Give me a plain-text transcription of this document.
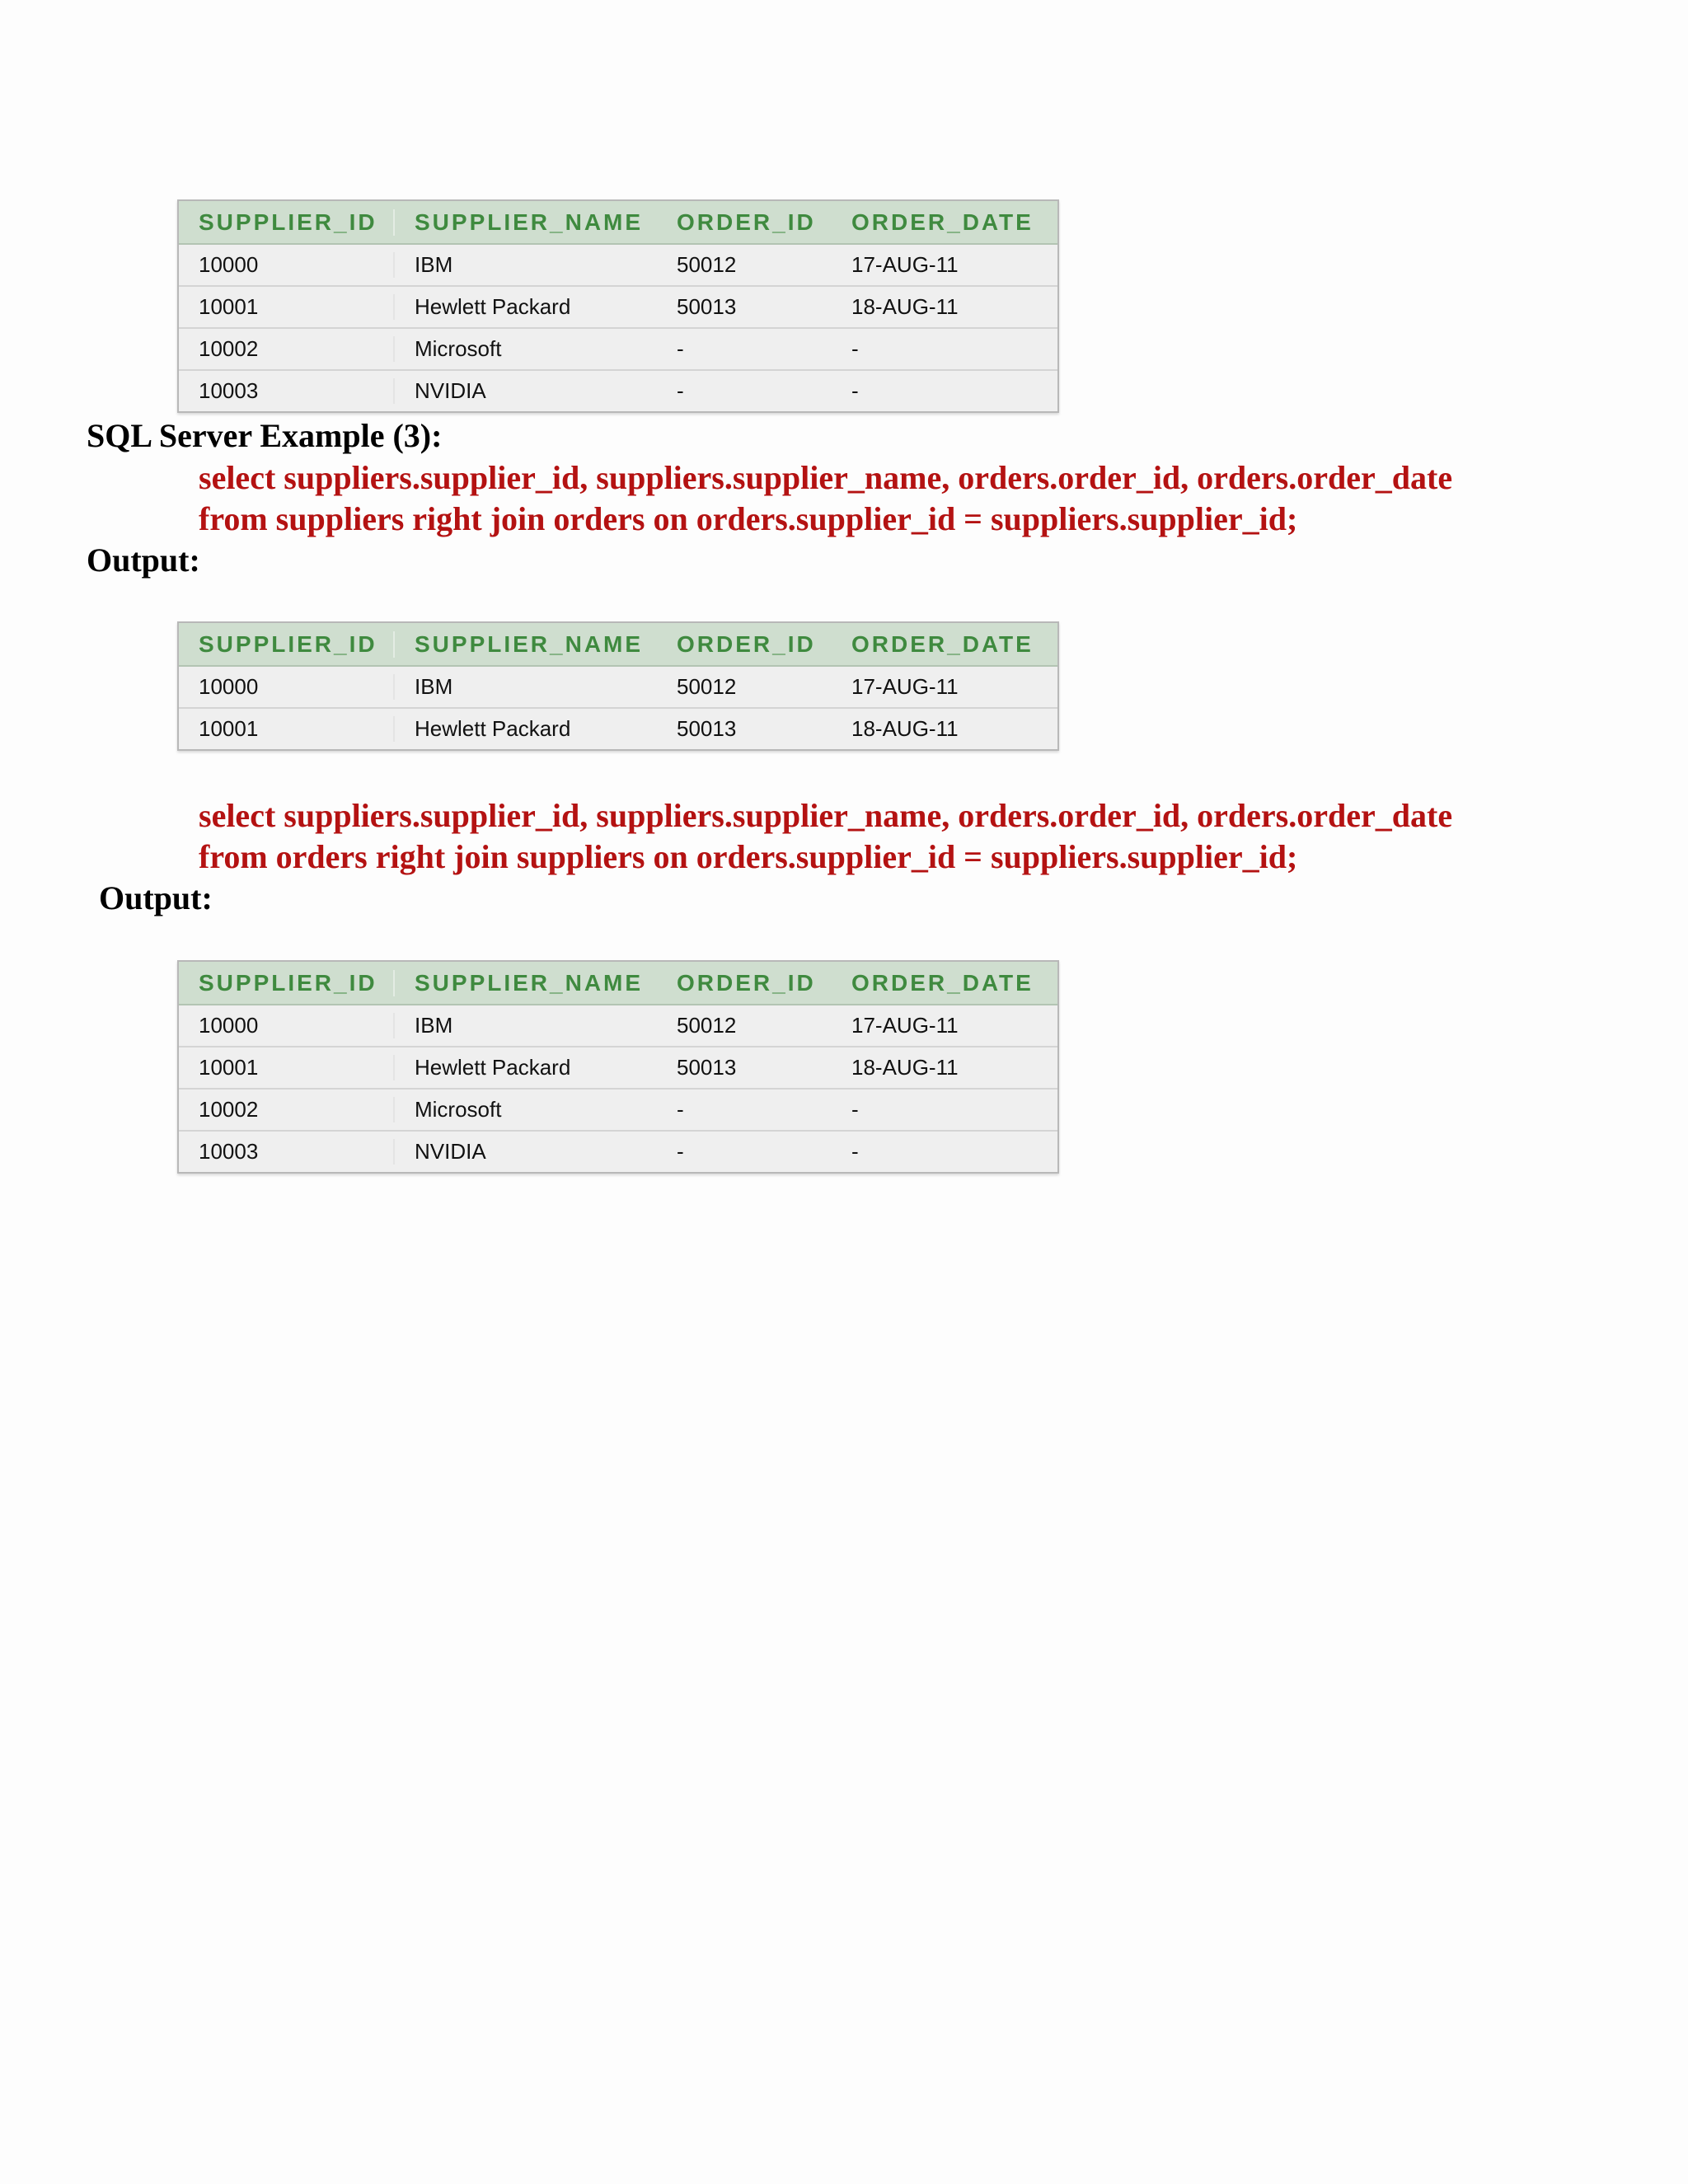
SUPPLIER_ID	SUPPLIER_NAME	ORDER_ID	ORDER_DATE
10000	IBM	50012	17-AUG-11
10001	Hewlett Packard	50013	18-AUG-11
10002	Microsoft	-	-
10003	NVIDIA	-	-
SQL Server Example (3):
select suppliers.supplier_id, suppliers.supplier_name, orders.order_id, orders.order_date
from suppliers right join orders on orders.supplier_id = suppliers.supplier_id;
Output:
SUPPLIER_ID	SUPPLIER_NAME	ORDER_ID	ORDER_DATE
10000	IBM	50012	17-AUG-11
10001	Hewlett Packard	50013	18-AUG-11
select suppliers.supplier_id, suppliers.supplier_name, orders.order_id, orders.order_date
from orders right join suppliers on orders.supplier_id = suppliers.supplier_id;
Output:
SUPPLIER_ID	SUPPLIER_NAME	ORDER_ID	ORDER_DATE
10000	IBM	50012	17-AUG-11
10001	Hewlett Packard	50013	18-AUG-11
10002	Microsoft	-	-
10003	NVIDIA	-	-
